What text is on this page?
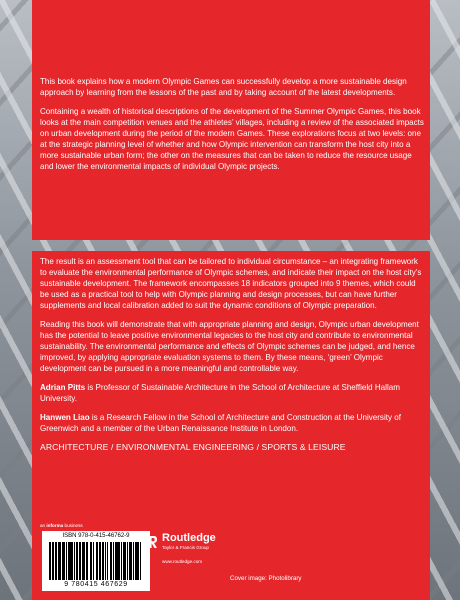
This book explains how a modern Olympic Games can successfully develop a more sustainable design approach by learning from the lessons of the past and by taking account of the latest developments.

Containing a wealth of historical descriptions of the development of the Summer Olympic Games, this book looks at the main competition venues and the athletes’ villages, including a review of the associated impacts on urban development during the period of the modern Games. These explorations focus at two levels: one at the strategic planning level of whether and how Olympic intervention can transform the host city into a more sustainable urban form; the other on the measures that can be taken to reduce the resource usage and lower the environmental impacts of individual Olympic projects.

The result is an assessment tool that can be tailored to individual circumstance – an integrating framework to evaluate the environmental performance of Olympic schemes, and indicate their impact on the host city’s sustainable development. The framework encompasses 18 indicators grouped into 9 themes, which could be used as a practical tool to help with Olympic planning and design processes, but can have further supplements and local calibration added to suit the dynamic conditions of Olympic preparation.

Reading this book will demonstrate that with appropriate planning and design, Olympic urban development has the potential to leave positive environmental legacies to the host city and contribute to environmental sustainability. The environmental performance and effects of Olympic schemes can be judged, and hence improved, by applying appropriate evaluation systems to them. By these means, ‘green’ Olympic development can be pursued in a more meaningful and controllable way.

Adrian Pitts is Professor of Sustainable Architecture in the School of Architecture at Sheffield Hallam University.

Hanwen Liao is a Research Fellow in the School of Architecture and Construction at the University of Greenwich and a member of the Urban Renaissance Institute in London.

ARCHITECTURE / ENVIRONMENTAL ENGINEERING / SPORTS & LEISURE

an informa business
ISBN 978-0-415-46762-9
9 780415 467629
Routledge
Taylor & Francis Group
www.routledge.com
Cover image: Photolibrary
